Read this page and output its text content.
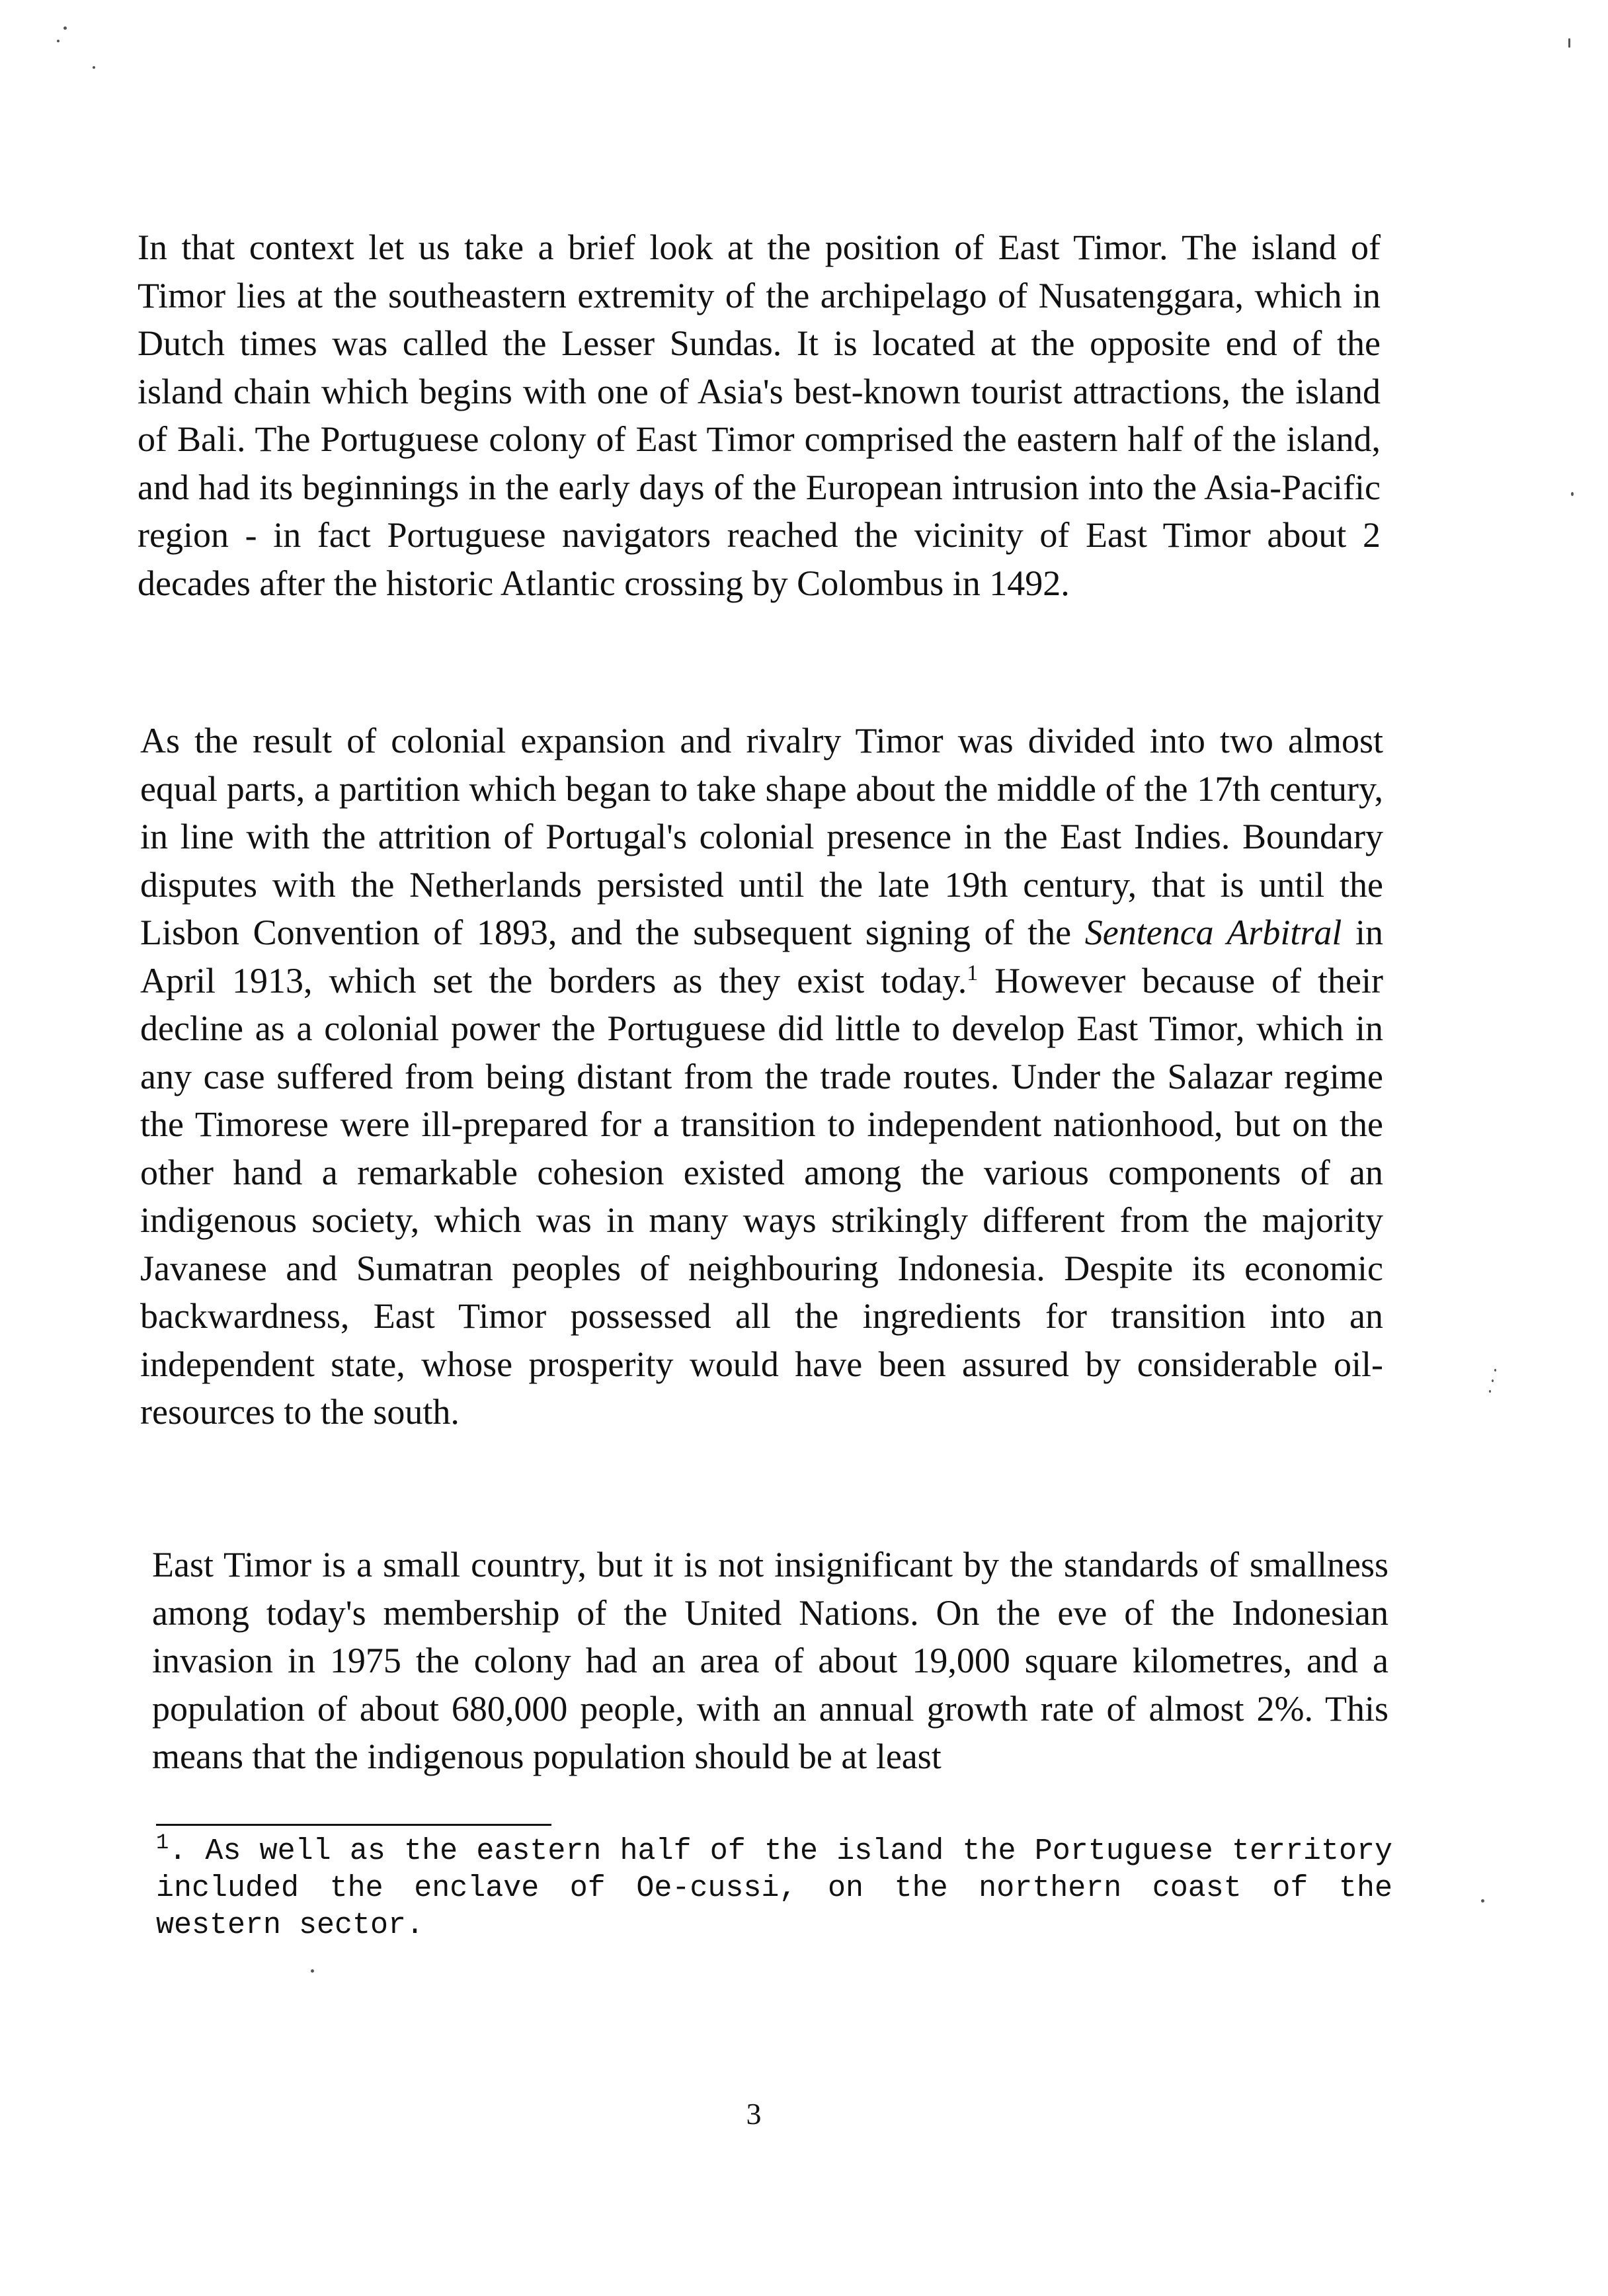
In that context let us take a brief look at the position of East Timor. The island of Timor lies at the southeastern extremity of the archipelago of Nusatenggara, which in Dutch times was called the Lesser Sundas. It is located at the opposite end of the island chain which begins with one of Asia's best-known tourist attractions, the island of Bali. The Portuguese colony of East Timor comprised the eastern half of the island, and had its beginnings in the early days of the European intrusion into the Asia-Pacific region - in fact Portuguese navigators reached the vicinity of East Timor about 2 decades after the historic Atlantic crossing by Colombus in 1492.

As the result of colonial expansion and rivalry Timor was divided into two almost equal parts, a partition which began to take shape about the middle of the 17th century, in line with the attrition of Portugal's colonial presence in the East Indies. Boundary disputes with the Netherlands persisted until the late 19th century, that is until the Lisbon Convention of 1893, and the subsequent signing of the Sentenca Arbitral in April 1913, which set the borders as they exist today.$^1$ However because of their decline as a colonial power the Portuguese did little to develop East Timor, which in any case suffered from being distant from the trade routes. Under the Salazar regime the Timorese were ill-prepared for a transition to independent nationhood, but on the other hand a remarkable cohesion existed among the various components of an indigenous society, which was in many ways strikingly different from the majority Javanese and Sumatran peoples of neighbouring Indonesia. Despite its economic backwardness, East Timor possessed all the ingredients for transition into an independent state, whose prosperity would have been assured by considerable oil-resources to the south.

East Timor is a small country, but it is not insignificant by the standards of smallness among today's membership of the United Nations. On the eve of the Indonesian invasion in 1975 the colony had an area of about 19,000 square kilometres, and a population of about 680,000 people, with an annual growth rate of almost 2%. This means that the indigenous population should be at least

$^1$. As well as the eastern half of the island the Portuguese territory included the enclave of Oe-cussi, on the northern coast of the western sector.

3
